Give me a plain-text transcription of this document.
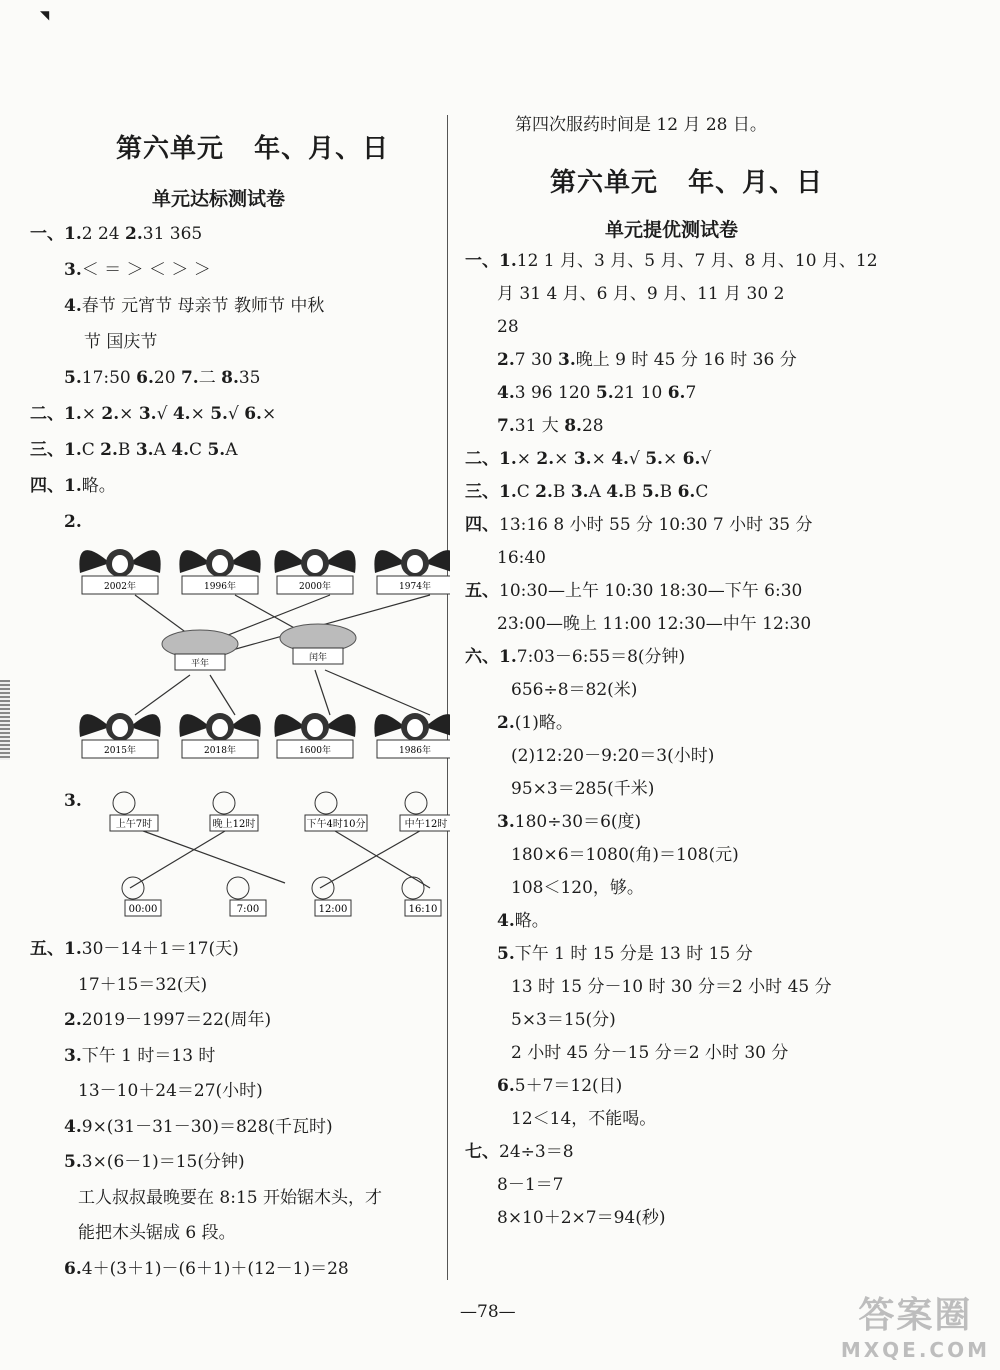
◥
第六单元   年、月、日
单元达标测试卷
一、1.2 24 2.31 365
3.＜ ＝ ＞ ＜ ＞ ＞
4.春节 元宵节 母亲节 教师节 中秋
节 国庆节
5.17:50 6.20 7.二 8.35
二、1.× 2.× 3.√ 4.× 5.√ 6.×
三、1.C 2.B 3.A 4.C 5.A
四、1.略。
2.
2002年	1996年	2000年	1974年
平年
闰年
2015年	2018年	1600年	1986年
3.
上午7时	晚上12时	下午4时10分	中午12时
00:00	7:00	12:00	16:10
五、1.30－14＋1＝17(天)
17＋15＝32(天)
2.2019－1997＝22(周年)
3.下午 1 时＝13 时
13－10＋24＝27(小时)
4.9×(31－31－30)＝828(千瓦时)
5.3×(6－1)＝15(分钟)
工人叔叔最晚要在 8:15 开始锯木头，才
能把木头锯成 6 段。
6.4＋(3＋1)－(6＋1)＋(12－1)＝28
第四次服药时间是 12 月 28 日。
第六单元   年、月、日
单元提优测试卷
一、1.12 1 月、3 月、5 月、7 月、8 月、10 月、12
月 31 4 月、6 月、9 月、11 月 30 2
28
2.7 30 3.晚上 9 时 45 分 16 时 36 分
4.3 96 120 5.21 10 6.7
7.31 大 8.28
二、1.× 2.× 3.× 4.√ 5.× 6.√
三、1.C 2.B 3.A 4.B 5.B 6.C
四、13:16 8 小时 55 分 10:30 7 小时 35 分
16:40
五、10:30—上午 10:30 18:30—下午 6:30
23:00—晚上 11:00 12:30—中午 12:30
六、1.7:03－6:55＝8(分钟)
656÷8＝82(米)
2.(1)略。
(2)12:20－9:20＝3(小时)
95×3＝285(千米)
3.180÷30＝6(度)
180×6＝1080(角)＝108(元)
108＜120，够。
4.略。
5.下午 1 时 15 分是 13 时 15 分
13 时 15 分－10 时 30 分＝2 小时 45 分
5×3＝15(分)
2 小时 45 分－15 分＝2 小时 30 分
6.5＋7＝12(日)
12＜14，不能喝。
七、24÷3＝8
8－1＝7
8×10＋2×7＝94(秒)
—78—	答案圈
MXQE.COM
